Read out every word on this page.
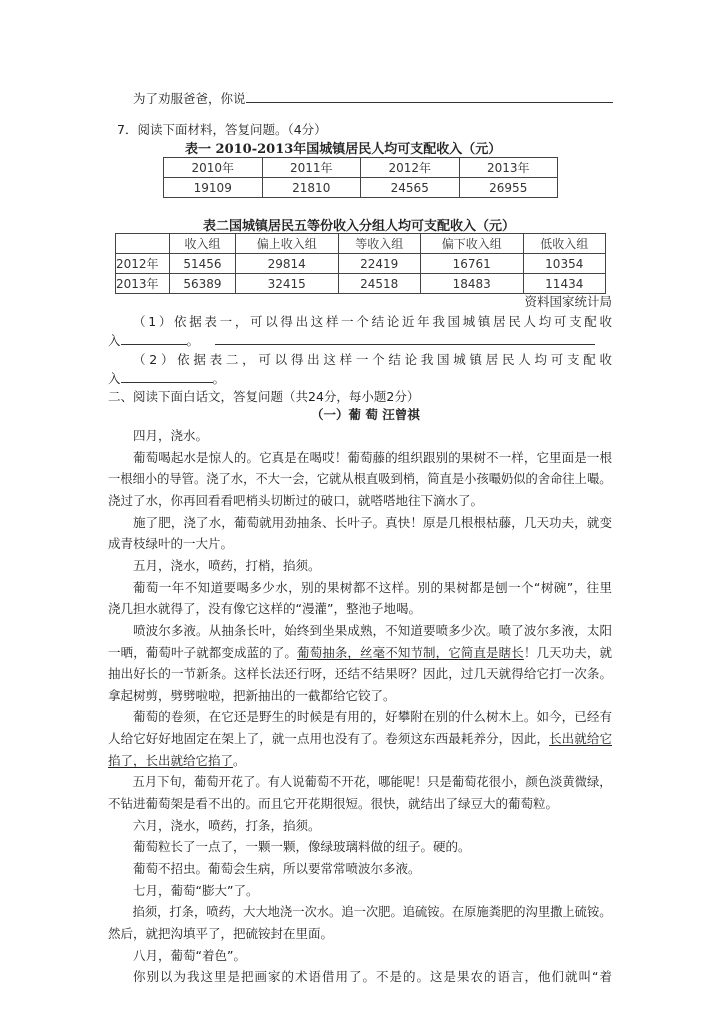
为了劝服爸爸，你说
7．阅读下面材料，答复问题。（4分）
表一 2010-2013年国城镇居民人均可支配收入（元）
2010年	2011年	2012年	2013年
19109	21810	24565	26955
表二国城镇居民五等份收入分组人均可支配收入（元）
	收入组	偏上收入组	等收入组	偏下收入组	低收入组
2012年	51456	29814	22419	16761	10354
2013年	56389	32415	24518	18483	11434
资料国家统计局
（1）依据表一，可以得出这样一个结论近年我国城镇居民人均可支配收
入	。
（2）依据表二，可以得出这样一个结论我国城镇居民人均可支配收
入	。
二、阅读下面白话文，答复问题（共24分，每小题2分）
（一）葡 萄 汪曾祺
四月，浇水。
葡萄喝起水是惊人的。它真是在喝哎！葡萄藤的组织跟别的果树不一样，它里面是一根
一根细小的导管。浇了水，不大一会，它就从根直吸到梢，简直是小孩嘬奶似的舍命往上嘬。
浇过了水，你再回看看吧梢头切断过的破口，就嗒嗒地往下滴水了。
施了肥，浇了水，葡萄就用劲抽条、长叶子。真快！原是几根根枯藤，几天功夫，就变
成青枝绿叶的一大片。
五月，浇水，喷药，打梢，掐须。
葡萄一年不知道要喝多少水，别的果树都不这样。别的果树都是刨一个“树碗”，往里
浇几担水就得了，没有像它这样的“漫灌”，整池子地喝。
喷波尔多液。从抽条长叶，始终到坐果成熟，不知道要喷多少次。喷了波尔多液，太阳
一晒，葡萄叶子就都变成蓝的了。葡萄抽条，丝毫不知节制，它简直是瞎长！几天功夫，就
抽出好长的一节新条。这样长法还行呀，还结不结果呀？因此，过几天就得给它打一次条。
拿起树剪，劈劈啦啦，把新抽出的一截都给它铰了。
葡萄的卷须，在它还是野生的时候是有用的，好攀附在别的什么树木上。如今，已经有
人给它好好地固定在架上了，就一点用也没有了。卷须这东西最耗养分，因此，长出就给它
掐了，长出就给它掐了。
五月下旬，葡萄开花了。有人说葡萄不开花，哪能呢！只是葡萄花很小，颜色淡黄微绿，
不钻进葡萄架是看不出的。而且它开花期很短。很快，就结出了绿豆大的葡萄粒。
六月，浇水，喷药，打条，掐须。
葡萄粒长了一点了，一颗一颗，像绿玻璃料做的纽子。硬的。
葡萄不招虫。葡萄会生病，所以要常常喷波尔多液。
七月，葡萄“膨大”了。
掐须，打条，喷药，大大地浇一次水。追一次肥。追硫铵。在原施粪肥的沟里撒上硫铵。
然后，就把沟填平了，把硫铵封在里面。
八月，葡萄“着色”。
你别以为我这里是把画家的术语借用了。不是的。这是果农的语言，他们就叫“着
